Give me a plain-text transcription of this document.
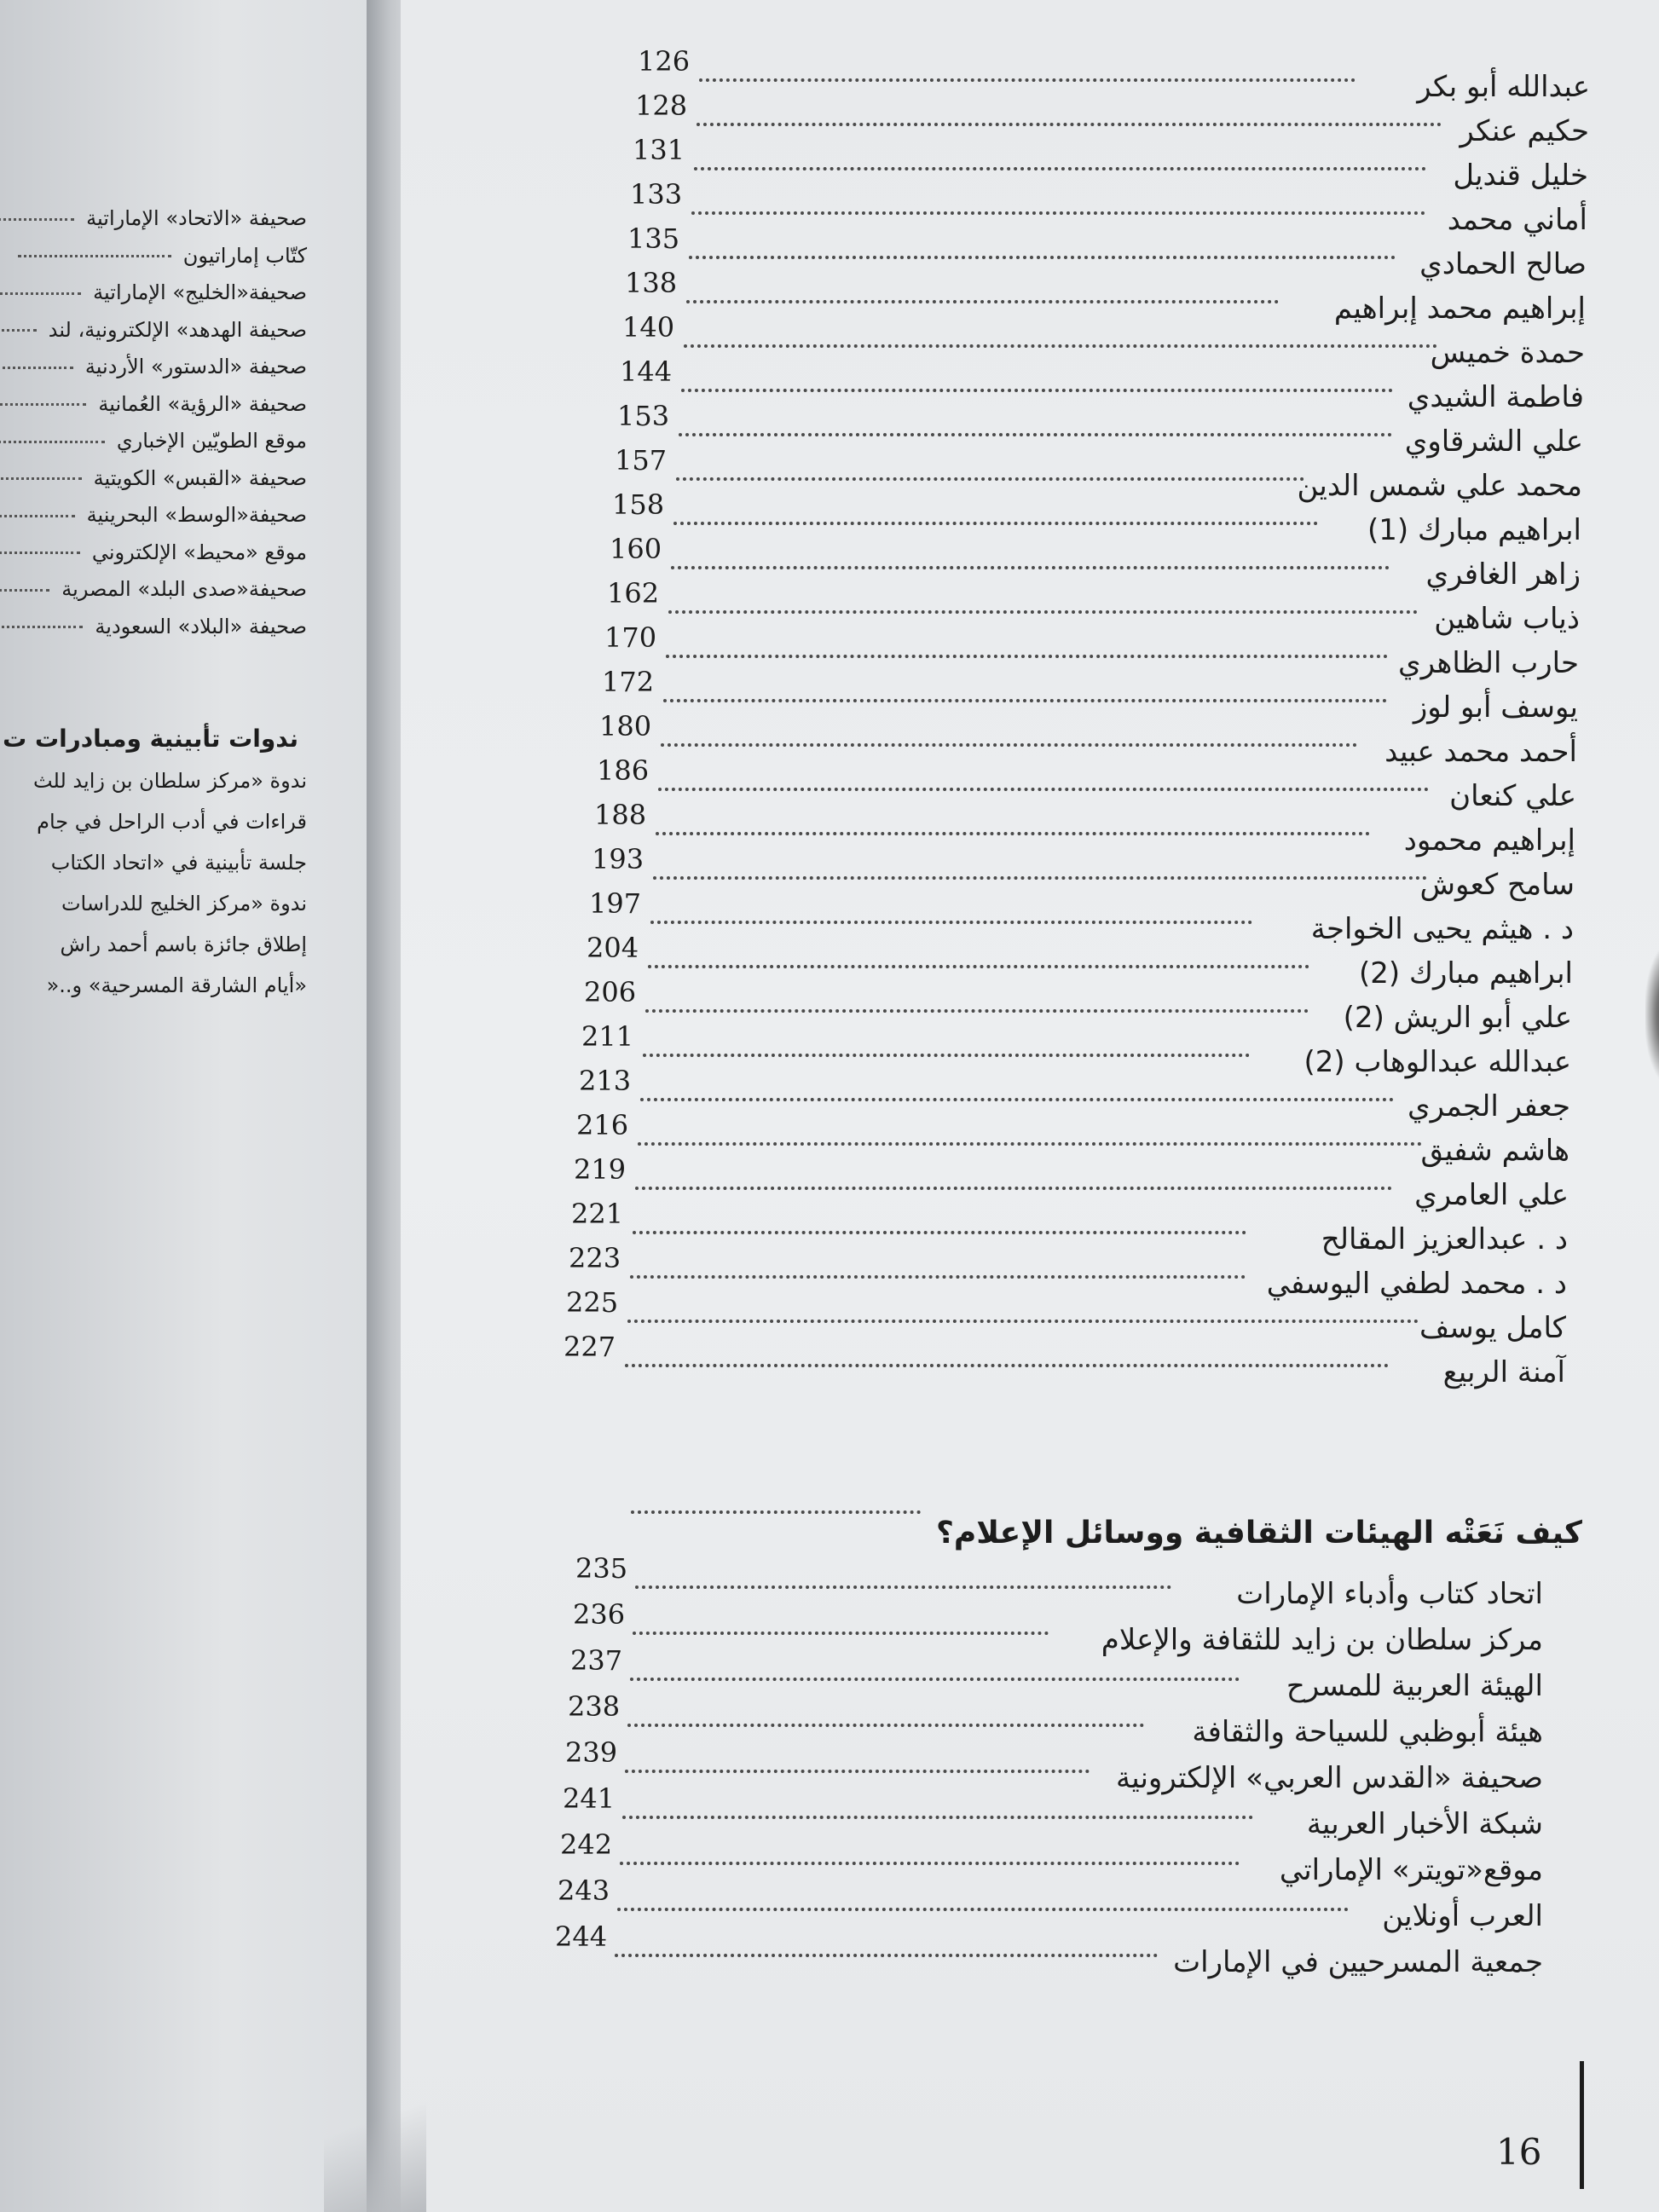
صحيفة «الاتحاد» الإماراتية
كتّاب إماراتيون
صحيفة«الخليج» الإماراتية
صحيفة الهدهد» الإلكترونية، لند
صحيفة «الدستور» الأردنية
صحيفة «الرؤية» العُمانية
موقع الطويّين الإخباري
صحيفة «القبس» الكويتية
صحيفة«الوسط» البحرينية
موقع «محيط» الإلكتروني
صحيفة«صدى البلد» المصرية
صحيفة «البلاد» السعودية
ندوات تأبينية ومبادرات ت
ندوة «مركز سلطان بن زايد للث
قراءات في أدب الراحل في جام
جلسة تأبينية في «اتحاد الكتاب
ندوة «مركز الخليج للدراسات
إطلاق جائزة باسم أحمد راش
«أيام الشارقة المسرحية» و..«
عبدالله أبو بكر
126
حكيم عنكر
128
خليل قنديل
131
أماني محمد
133
صالح الحمادي
135
إبراهيم محمد إبراهيم
138
حمدة خميس
140
فاطمة الشيدي
144
علي الشرقاوي
153
محمد علي شمس الدين
157
ابراهيم مبارك (1)
158
زاهر الغافري
160
ذياب شاهين
162
حارب الظاهري
170
يوسف أبو لوز
172
أحمد محمد عبيد
180
علي كنعان
186
إبراهيم محمود
188
سامح كعوش
193
د . هيثم يحيى الخواجة
197
ابراهيم مبارك (2)
204
علي أبو الريش (2)
206
عبدالله عبدالوهاب (2)
211
جعفر الجمري
213
هاشم شفيق
216
علي العامري
219
د . عبدالعزيز المقالح
221
د . محمد لطفي اليوسفي
223
كامل يوسف
225
آمنة الربيع
227
كيف نَعَتْه الهيئات الثقافية ووسائل الإعلام؟
اتحاد كتاب وأدباء الإمارات
235
مركز سلطان بن زايد للثقافة والإعلام
236
الهيئة العربية للمسرح
237
هيئة أبوظبي للسياحة والثقافة
238
صحيفة «القدس العربي» الإلكترونية
239
شبكة الأخبار العربية
241
موقع«تويتر» الإماراتي
242
العرب أونلاين
243
جمعية المسرحيين في الإمارات
244
16
